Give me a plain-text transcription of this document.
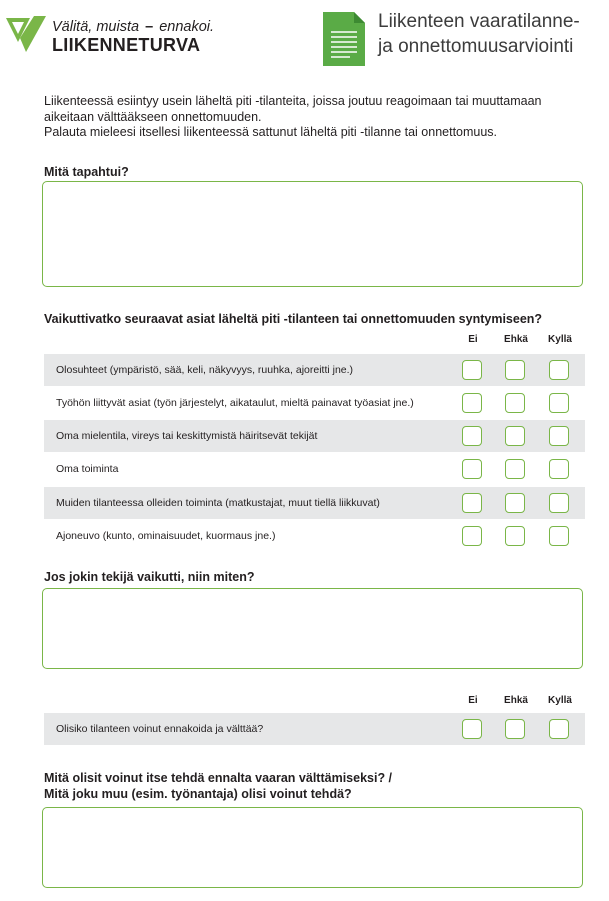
Välitä, muista – ennakoi.
LIIKENNETURVA
Liikenteen vaaratilanne-
ja onnettomuusarviointi
Liikenteessä esiintyy usein läheltä piti -tilanteita, joissa joutuu reagoimaan tai muuttamaan aikeitaan välttääkseen onnettomuuden.
Palauta mieleesi itsellesi liikenteessä sattunut läheltä piti -tilanne tai onnettomuus.
Mitä tapahtui?
Vaikuttivatko seuraavat asiat läheltä piti -tilanteen tai onnettomuuden syntymiseen?
Ei	Ehkä	Kyllä
Olosuhteet (ympäristö, sää, keli, näkyvyys, ruuhka, ajoreitti jne.)
Työhön liittyvät asiat (työn järjestelyt, aikataulut, mieltä painavat työasiat jne.)
Oma mielentila, vireys tai keskittymistä häiritsevät tekijät
Oma toiminta
Muiden tilanteessa olleiden toiminta (matkustajat, muut tiellä liikkuvat)
Ajoneuvo (kunto, ominaisuudet, kuormaus jne.)
Jos jokin tekijä vaikutti, niin miten?
Ei	Ehkä	Kyllä
Olisiko tilanteen voinut ennakoida ja välttää?
Mitä olisit voinut itse tehdä ennalta vaaran välttämiseksi? /
Mitä joku muu (esim. työnantaja) olisi voinut tehdä?
